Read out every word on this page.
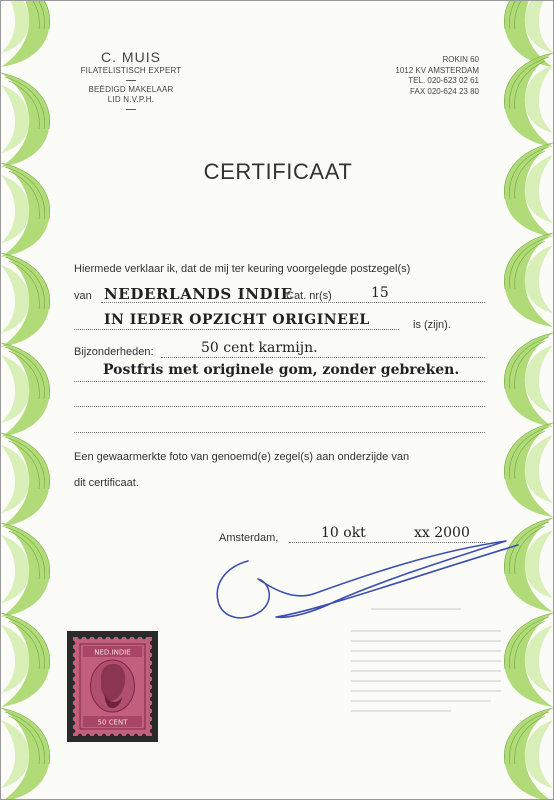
C. MUIS
FILATELISTISCH EXPERT
BEËDIGD MAKELAAR
LID N.V.P.H.
ROKIN 60
1012 KV AMSTERDAM
TEL. 020-623 02 61
FAX 020-624 23 80
CERTIFICAAT
Hiermede verklaar ik, dat de mij ter keuring voorgelegde postzegel(s)
van NEDERLANDS INDIE
Cat. nr(s)	15
IN IEDER OPZICHT ORIGINEEL	is (zijn).
Bijzonderheden:	50 cent karmijn.
Postfris met originele gom, zonder gebreken.
Een gewaarmerkte foto van genoemd(e) zegel(s) aan onderzijde van
dit certificaat.
Amsterdam,	10 okt	xx 2000
NED.INDIE
50 CENT
